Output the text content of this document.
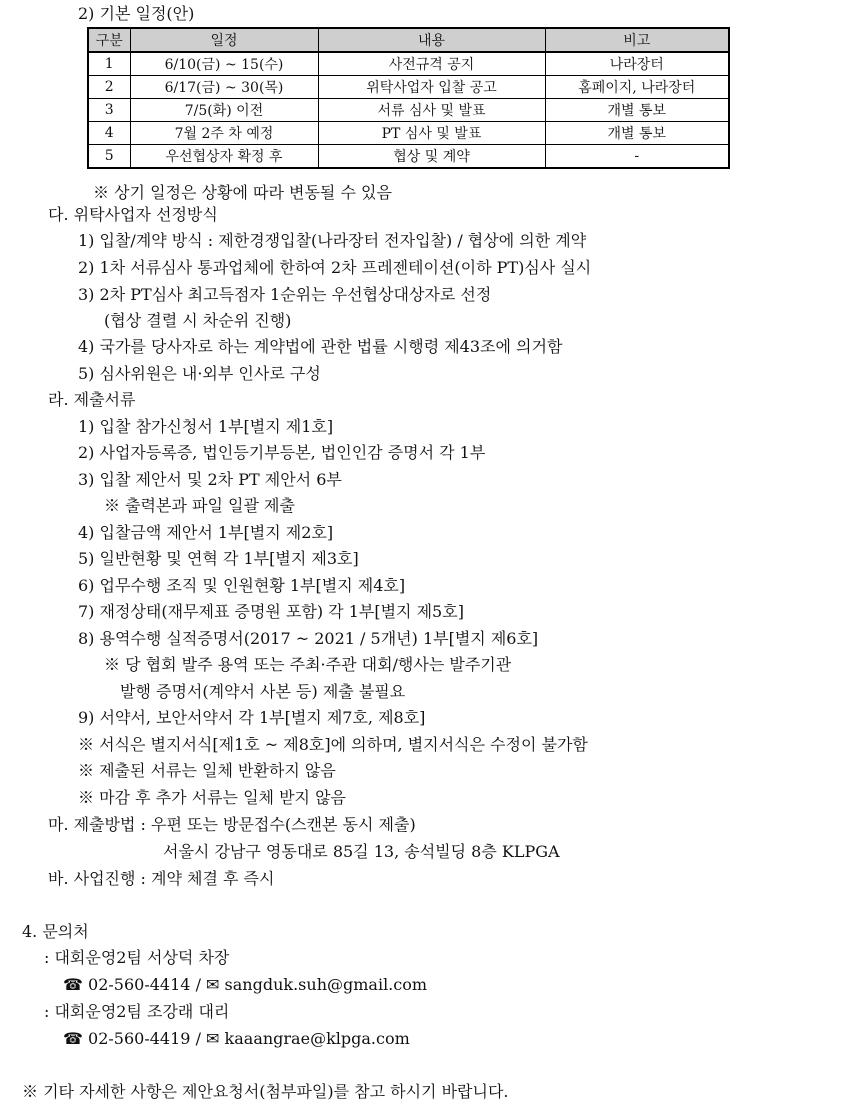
2) 기본 일정(안)
구분	일정	내용	비고
1	6/10(금) ~ 15(수)	사전규격 공지	나라장터
2	6/17(금) ~ 30(목)	위탁사업자 입찰 공고	홈페이지, 나라장터
3	7/5(화) 이전	서류 심사 및 발표	개별 통보
4	7월 2주 차 예정	PT 심사 및 발표	개별 통보
5	우선협상자 확정 후	협상 및 계약	-
※ 상기 일정은 상황에 따라 변동될 수 있음
다. 위탁사업자 선정방식
1) 입찰/계약 방식 : 제한경쟁입찰(나라장터 전자입찰) / 협상에 의한 계약
2) 1차 서류심사 통과업체에 한하여 2차 프레젠테이션(이하 PT)심사 실시
3) 2차 PT심사 최고득점자 1순위는 우선협상대상자로 선정
(협상 결렬 시 차순위 진행)
4) 국가를 당사자로 하는 계약법에 관한 법률 시행령 제43조에 의거함
5) 심사위원은 내·외부 인사로 구성
라. 제출서류
1) 입찰 참가신청서 1부[별지 제1호]
2) 사업자등록증, 법인등기부등본, 법인인감 증명서 각 1부
3) 입찰 제안서 및 2차 PT 제안서 6부
※ 출력본과 파일 일괄 제출
4) 입찰금액 제안서 1부[별지 제2호]
5) 일반현황 및 연혁 각 1부[별지 제3호]
6) 업무수행 조직 및 인원현황 1부[별지 제4호]
7) 재정상태(재무제표 증명원 포함) 각 1부[별지 제5호]
8) 용역수행 실적증명서(2017 ~ 2021 / 5개년) 1부[별지 제6호]
※ 당 협회 발주 용역 또는 주최·주관 대회/행사는 발주기관
발행 증명서(계약서 사본 등) 제출 불필요
9) 서약서, 보안서약서 각 1부[별지 제7호, 제8호]
※ 서식은 별지서식[제1호 ~ 제8호]에 의하며, 별지서식은 수정이 불가함
※ 제출된 서류는 일체 반환하지 않음
※ 마감 후 추가 서류는 일체 받지 않음
마. 제출방법 : 우편 또는 방문접수(스캔본 동시 제출)
서울시 강남구 영동대로 85길 13, 송석빌딩 8층 KLPGA
바. 사업진행 : 계약 체결 후 즉시
4. 문의처
: 대회운영2팀 서상덕 차장
☎ 02-560-4414 / ✉ sangduk.suh@gmail.com
: 대회운영2팀 조강래 대리
☎ 02-560-4419 / ✉ kaaangrae@klpga.com
※ 기타 자세한 사항은 제안요청서(첨부파일)를 참고 하시기 바랍니다.
